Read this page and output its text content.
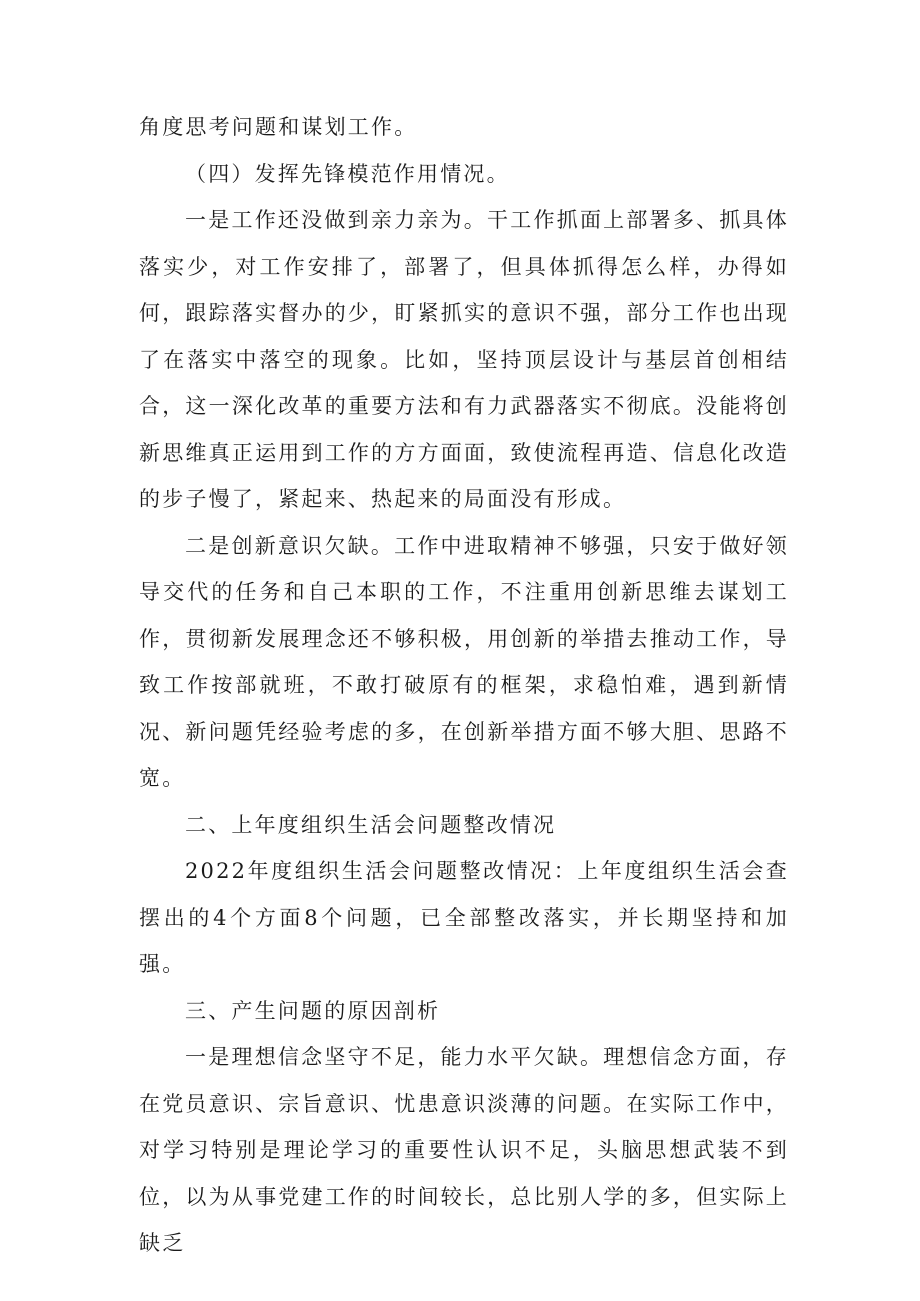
角度思考问题和谋划工作。

（四）发挥先锋模范作用情况。

一是工作还没做到亲力亲为。干工作抓面上部署多、抓具体落实少，对工作安排了，部署了，但具体抓得怎么样，办得如何，跟踪落实督办的少，盯紧抓实的意识不强，部分工作也出现了在落实中落空的现象。比如，坚持顶层设计与基层首创相结合，这一深化改革的重要方法和有力武器落实不彻底。没能将创新思维真正运用到工作的方方面面，致使流程再造、信息化改造的步子慢了，紧起来、热起来的局面没有形成。

二是创新意识欠缺。工作中进取精神不够强，只安于做好领导交代的任务和自己本职的工作，不注重用创新思维去谋划工作，贯彻新发展理念还不够积极，用创新的举措去推动工作，导致工作按部就班，不敢打破原有的框架，求稳怕难，遇到新情况、新问题凭经验考虑的多，在创新举措方面不够大胆、思路不宽。

二、上年度组织生活会问题整改情况

2022年度组织生活会问题整改情况：上年度组织生活会查摆出的4个方面8个问题，已全部整改落实，并长期坚持和加强。

三、产生问题的原因剖析

一是理想信念坚守不足，能力水平欠缺。理想信念方面，存在党员意识、宗旨意识、忧患意识淡薄的问题。在实际工作中，对学习特别是理论学习的重要性认识不足，头脑思想武装不到位，以为从事党建工作的时间较长，总比别人学的多，但实际上缺乏
